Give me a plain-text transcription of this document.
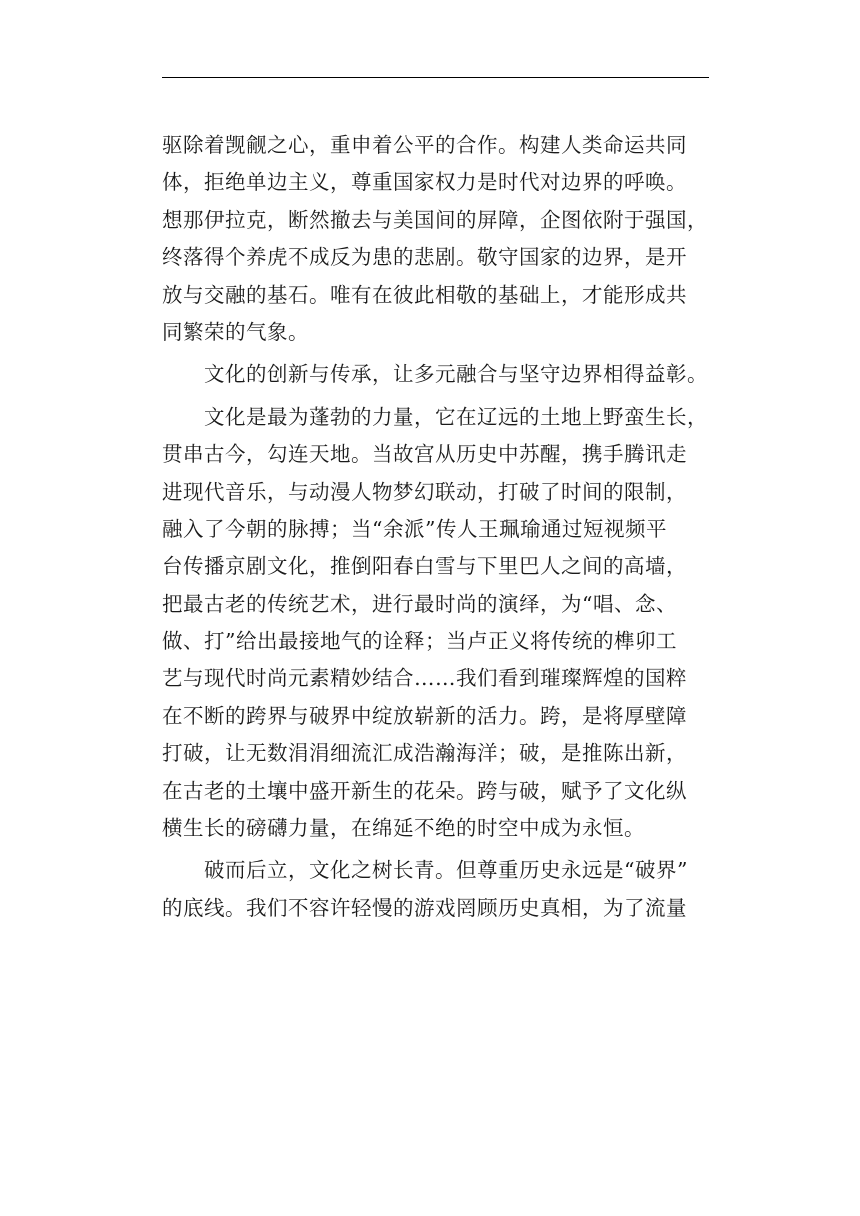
驱除着觊觎之心，重申着公平的合作。构建人类命运共同
体，拒绝单边主义，尊重国家权力是时代对边界的呼唤。
想那伊拉克，断然撤去与美国间的屏障，企图依附于强国，
终落得个养虎不成反为患的悲剧。敬守国家的边界，是开
放与交融的基石。唯有在彼此相敬的基础上，才能形成共
同繁荣的气象。
　　文化的创新与传承，让多元融合与坚守边界相得益彰。
　　文化是最为蓬勃的力量，它在辽远的土地上野蛮生长，
贯串古今，勾连天地。当故宫从历史中苏醒，携手腾讯走
进现代音乐，与动漫人物梦幻联动，打破了时间的限制，
融入了今朝的脉搏；当“余派”传人王珮瑜通过短视频平
台传播京剧文化，推倒阳春白雪与下里巴人之间的高墙，
把最古老的传统艺术，进行最时尚的演绎，为“唱、念、
做、打”给出最接地气的诠释；当卢正义将传统的榫卯工
艺与现代时尚元素精妙结合……我们看到璀璨辉煌的国粹
在不断的跨界与破界中绽放崭新的活力。跨，是将厚壁障
打破，让无数涓涓细流汇成浩瀚海洋；破，是推陈出新，
在古老的土壤中盛开新生的花朵。跨与破，赋予了文化纵
横生长的磅礴力量，在绵延不绝的时空中成为永恒。
　　破而后立，文化之树长青。但尊重历史永远是“破界”
的底线。我们不容许轻慢的游戏罔顾历史真相，为了流量
